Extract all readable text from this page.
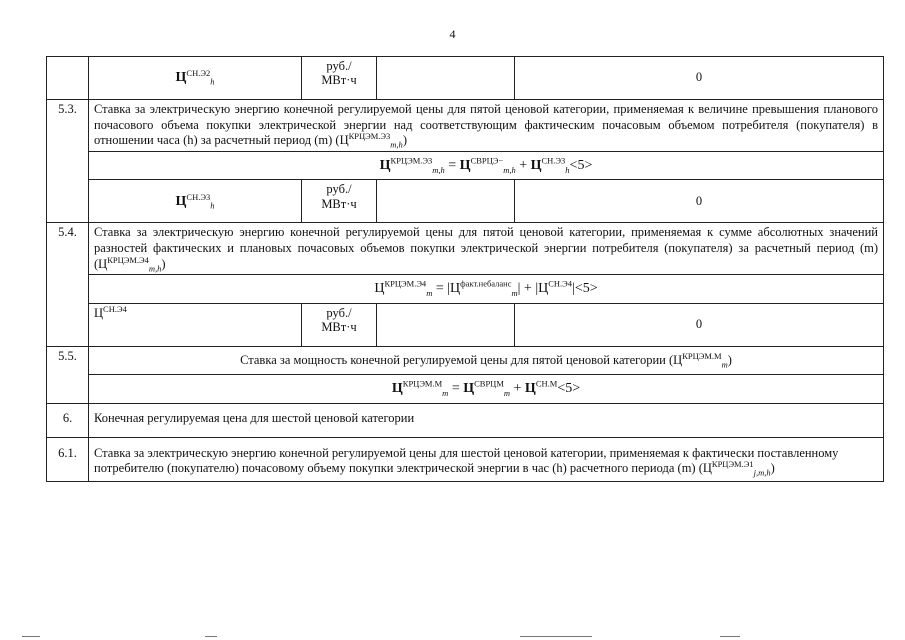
4
	$Ц^{СН.Э2}_h$	руб./
МВт·ч		0
5.3.	Ставка за электрическую энергию конечной регулируемой цены для пятой ценовой категории, применяемая к величине превышения планового почасового объема покупки электрической энергии над соответствующим фактическим почасовым объемом потребителя (покупателя) в отношении часа (h) за расчетный период (m) $(Ц^{КРЦЭМ.Э3}_{m,h})$			
	$Ц^{КРЦЭМ.Э3}_{m,h} = Ц^{СВРЦЭ-}_{m,h} + Ц^{СН.Э3}_h<5>$			
	$Ц^{СН.Э3}_h$	руб./
МВт·ч		0
5.4.	Ставка за электрическую энергию конечной регулируемой цены для пятой ценовой категории, применяемая к сумме абсолютных значений разностей фактических и плановых почасовых объемов покупки электрической энергии потребителя (покупателя) за расчетный период (m) $(Ц^{КРЦЭМ.Э4}_{m,h})$			
	$Ц^{КРЦЭМ.Э4}_m = |Ц^{факт.небаланс}_m| + |Ц^{СН.Э4}|<5>$			
	$Ц^{СН.Э4}$	руб./
МВт·ч		0
5.5.	Ставка за мощность конечной регулируемой цены для пятой ценовой категории $(Ц^{КРЦЭМ.М}_m)$			
	$Ц^{КРЦЭМ.М}_m = Ц^{СВРЦМ}_m + Ц^{СН.М}<5>$			
6.	Конечная регулируемая цена для шестой ценовой категории			
6.1.	Ставка за электрическую энергию конечной регулируемой цены для шестой ценовой категории, применяемая к фактически поставленному потребителю (покупателю) почасовому объему покупки электрической энергии в час (h) расчетного периода (m) $(Ц^{КРЦЭМ.Э1}_{j,m,h})$			
